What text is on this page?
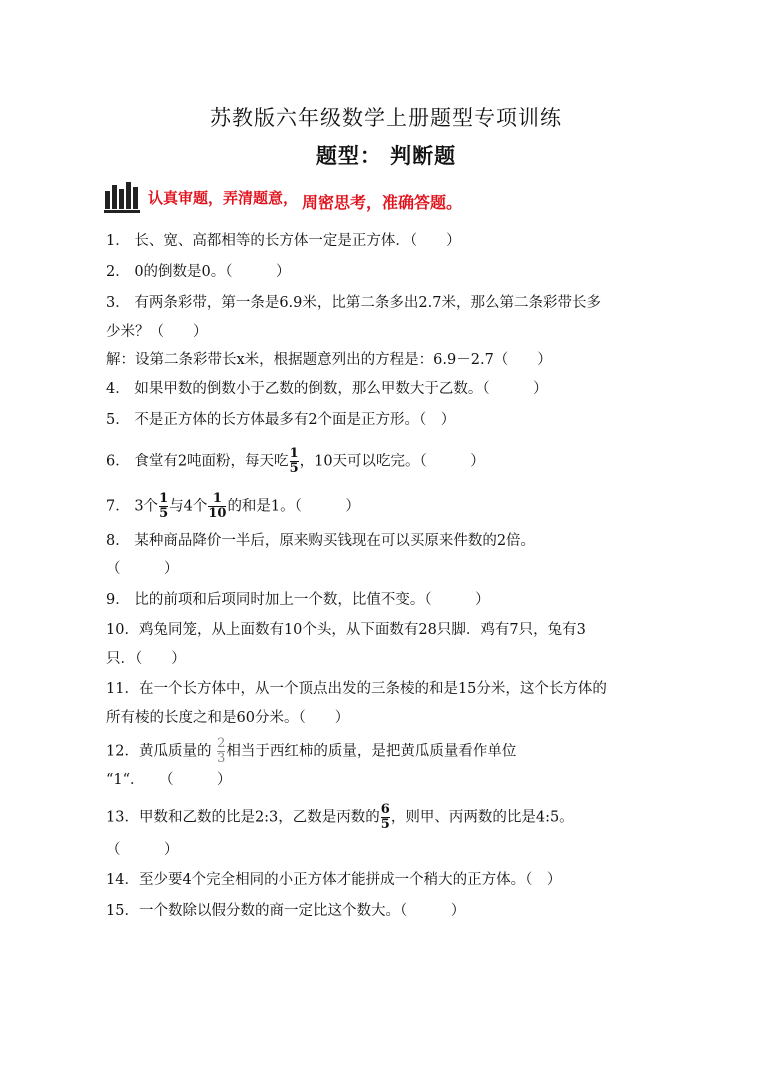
苏教版六年级数学上册题型专项训练
题型： 判断题
认真审题，弄清题意， 周密思考，准确答题。
1． 长、宽、高都相等的长方体一定是正方体．（　　）
2． 0的倒数是0。（　　　）
3． 有两条彩带，第一条是6.9米，比第二条多出2.7米，那么第二条彩带长多
少米？（　　）
解：设第二条彩带长x米，根据题意列出的方程是：6.9－2.7（　　）
4． 如果甲数的倒数小于乙数的倒数，那么甲数大于乙数。（　　　）
5． 不是正方体的长方体最多有2个面是正方形。（　）
6． 食堂有2吨面粉，每天吃 $\frac{1}{5}$ ，10天可以吃完。（　　　）
7． 3个 $\frac{1}{5}$ 与4个 $\frac{1}{10}$ 的和是1。（　　　）
8． 某种商品降价一半后，原来购买钱现在可以买原来件数的2倍。
（　　　）
9． 比的前项和后项同时加上一个数，比值不变。（　　　）
10．鸡兔同笼，从上面数有10个头，从下面数有28只脚．鸡有7只，兔有3
只．（　　）
11．在一个长方体中，从一个顶点出发的三条棱的和是15分米，这个长方体的
所有棱的长度之和是60分米。（　　）
12．黄瓜质量的 $\frac{2}{3}$ 相当于西红柿的质量，是把黄瓜质量看作单位
“1“．　　（　　　）
13．甲数和乙数的比是2:3，乙数是丙数的 $\frac{6}{5}$ ，则甲、丙两数的比是4:5。
（　　　）
14．至少要4个完全相同的小正方体才能拼成一个稍大的正方体。（　）
15．一个数除以假分数的商一定比这个数大。（　　　）
